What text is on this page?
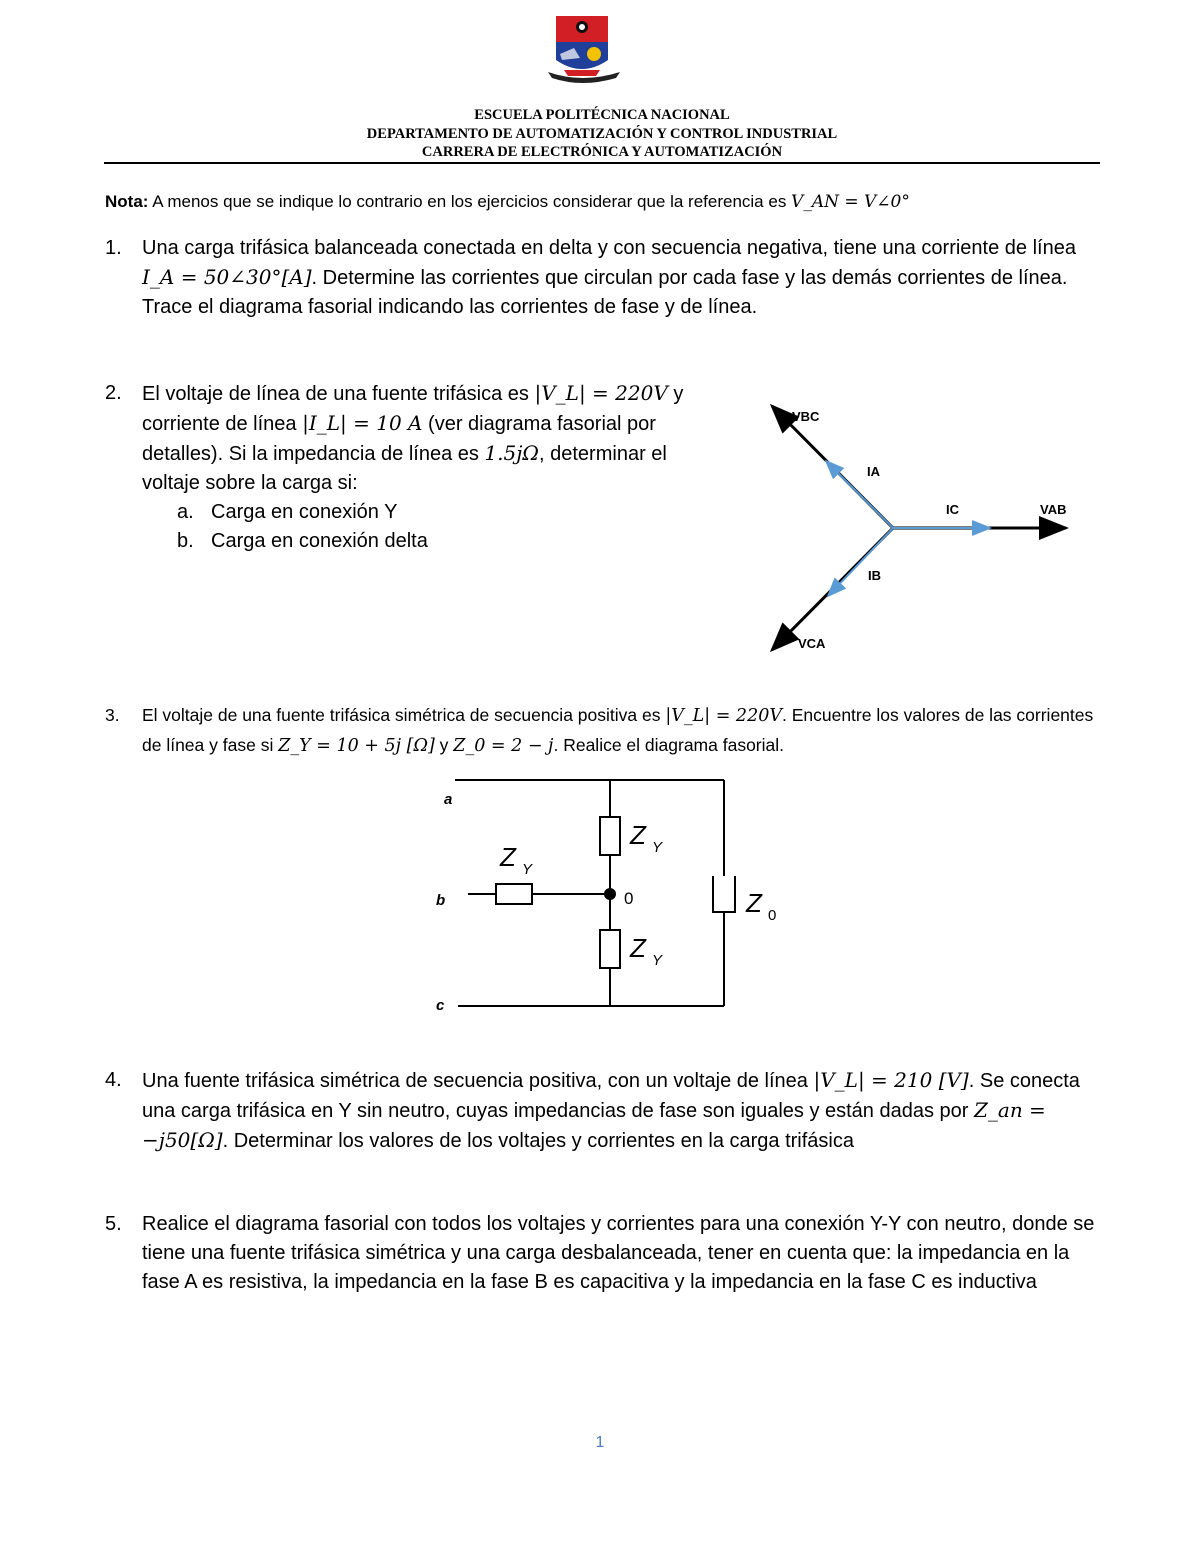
ESCUELA POLITÉCNICA NACIONAL
DEPARTAMENTO DE AUTOMATIZACIÓN Y CONTROL INDUSTRIAL
CARRERA DE ELECTRÓNICA Y AUTOMATIZACIÓN
Nota: A menos que se indique lo contrario en los ejercicios considerar que la referencia es V_AN = V∠0°
1. Una carga trifásica balanceada conectada en delta y con secuencia negativa, tiene una corriente de línea I_A = 50∠30°[A]. Determine las corrientes que circulan por cada fase y las demás corrientes de línea. Trace el diagrama fasorial indicando las corrientes de fase y de línea.
2. El voltaje de línea de una fuente trifásica es |V_L| = 220V y corriente de línea |I_L| = 10 A (ver diagrama fasorial por detalles). Si la impedancia de línea es 1.5jΩ, determinar el voltaje sobre la carga si:
a. Carga en conexión Y
b. Carga en conexión delta
VBC
VAB
VCA
IA
IC
IB
3. El voltaje de una fuente trifásica simétrica de secuencia positiva es |V_L| = 220V. Encuentre los valores de las corrientes de línea y fase si Z_Y = 10 + 5j [Ω] y Z_0 = 2 − j. Realice el diagrama fasorial.
a
b
c
0
Z Y
Z Y
Z Y
Z 0
4. Una fuente trifásica simétrica de secuencia positiva, con un voltaje de línea |V_L| = 210 [V]. Se conecta una carga trifásica en Y sin neutro, cuyas impedancias de fase son iguales y están dadas por Z_an = −j50[Ω]. Determinar los valores de los voltajes y corrientes en la carga trifásica
5. Realice el diagrama fasorial con todos los voltajes y corrientes para una conexión Y-Y con neutro, donde se tiene una fuente trifásica simétrica y una carga desbalanceada, tener en cuenta que: la impedancia en la fase A es resistiva, la impedancia en la fase B es capacitiva y la impedancia en la fase C es inductiva
1
